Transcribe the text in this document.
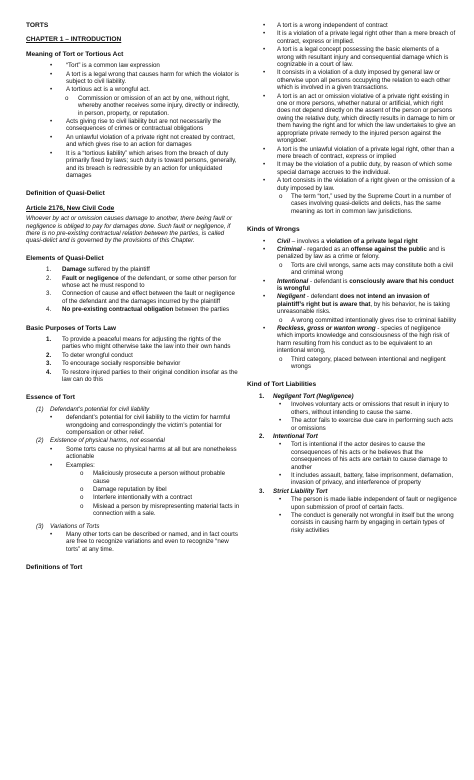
TORTS

CHAPTER 1 – INTRODUCTION

Meaning of Tort or Tortious Act

• “Tort” is a common law expression
• A tort is a legal wrong that causes harm for which the violator is subject to civil liability.
• A tortious act is a wrongful act.
o Commission or omission of an act by one, without right, whereby another receives some injury, directly or indirectly, in person, property, or reputation.
• Acts giving rise to civil liability but are not necessarily the consequences of crimes or contractual obligations
• An unlawful violation of a private right not created by contract, and which gives rise to an action for damages
• It is a “tortious liability” which arises from the breach of duty primarily fixed by laws; such duty is toward persons, generally, and its breach is redressible by an action for unliquidated damages

Definition of Quasi-Delict

Article 2176, New Civil Code

Whoever by act or omission causes damage to another, there being fault or negligence is obliged to pay for damages done. Such fault or negligence, if there is no pre-existing contractual relation between the parties, is called quasi-delict and is governed by the provisions of this Chapter.

Elements of Quasi-Delict

1. Damage suffered by the plaintiff
2. Fault or negligence of the defendant, or some other person for whose act he must respond to
3. Connection of cause and effect between the fault or negligence of the defendant and the damages incurred by the plaintiff
4. No pre-existing contractual obligation between the parties

Basic Purposes of Torts Law

1. To provide a peaceful means for adjusting the rights of the parties who might otherwise take the law into their own hands
2. To deter wrongful conduct
3. To encourage socially responsible behavior
4. To restore injured parties to their original condition insofar as the law can do this

Essence of Tort

(1) Defendant’s potential for civil liability
• defendant’s potential for civil liability to the victim for harmful wrongdoing and correspondingly the victim’s potential for compensation or other relief.
(2) Existence of physical harms, not essential
• Some torts cause no physical harms at all but are nonetheless actionable
• Examples:
o Maliciously prosecute a person without probable cause
o Damage reputation by libel
o Interfere intentionally with a contract
o Mislead a person by misrepresenting material facts in connection with a sale.
(3) Variations of Torts
• Many other torts can be described or named, and in fact courts are free to recognize variations and even to recognize “new torts” at any time.

Definitions of Tort

• A tort is a wrong independent of contract
• It is a violation of a private legal right other than a mere breach of contract, express or implied.
• A tort is a legal concept possessing the basic elements of a wrong with resultant injury and consequential damage which is cognizable in a court of law.
• It consists in a violation of a duty imposed by general law or otherwise upon all persons occupying the relation to each other which is involved in a given transactions.
• A tort is an act or omission violative of a private right existing in one or more persons, whether natural or artificial, which right does not depend directly on the assent of the person or persons owing the relative duty, which directly results in damage to him or them having the right and for which the law undertakes to give an appropriate private remedy to the injured person against the wrongdoer.
• A tort is the unlawful violation of a private legal right, other than a mere breach of contract, express or implied
• It may be the violation of a public duty, by reason of which some special damage accrues to the individual.
• A tort consists in the violation of a right given or the omission of a duty imposed by law.
o The term “tort,” used by the Supreme Court in a number of cases involving quasi-delicts and delicts, has the same meaning as tort in common law jurisdictions.

Kinds of Wrongs

• Civil – involves a violation of a private legal right
• Criminal - regarded as an offense against the public and is penalized by law as a crime or felony.
o Torts are civil wrongs, same acts may constitute both a civil and criminal wrong
• Intentional - defendant is consciously aware that his conduct is wrongful
• Negligent - defendant does not intend an invasion of plaintiff’s right but is aware that, by his behavior, he is taking unreasonable risks.
o A wrong committed intentionally gives rise to criminal liability
• Reckless, gross or wanton wrong - species of negligence which imports knowledge and consciousness of the high risk of harm resulting from his conduct as to be equivalent to an intentional wrong,
o Third category, placed between intentional and negligent wrongs

Kind of Tort Liabilities

1. Negligent Tort (Negligence)
• Involves voluntary acts or omissions that result in injury to others, without intending to cause the same.
• The actor fails to exercise due care in performing such acts or omissions
2. Intentional Tort
• Tort is intentional if the actor desires to cause the consequences of his acts or he believes that the consequences of his acts are certain to cause damage to another
• It includes assault, battery, false imprisonment, defamation, invasion of privacy, and interference of property
3. Strict Liability Tort
• The person is made liable independent of fault or negligence upon submission of proof of certain facts.
• The conduct is generally not wrongful in itself but the wrong consists in causing harm by engaging in certain types of risky activities
